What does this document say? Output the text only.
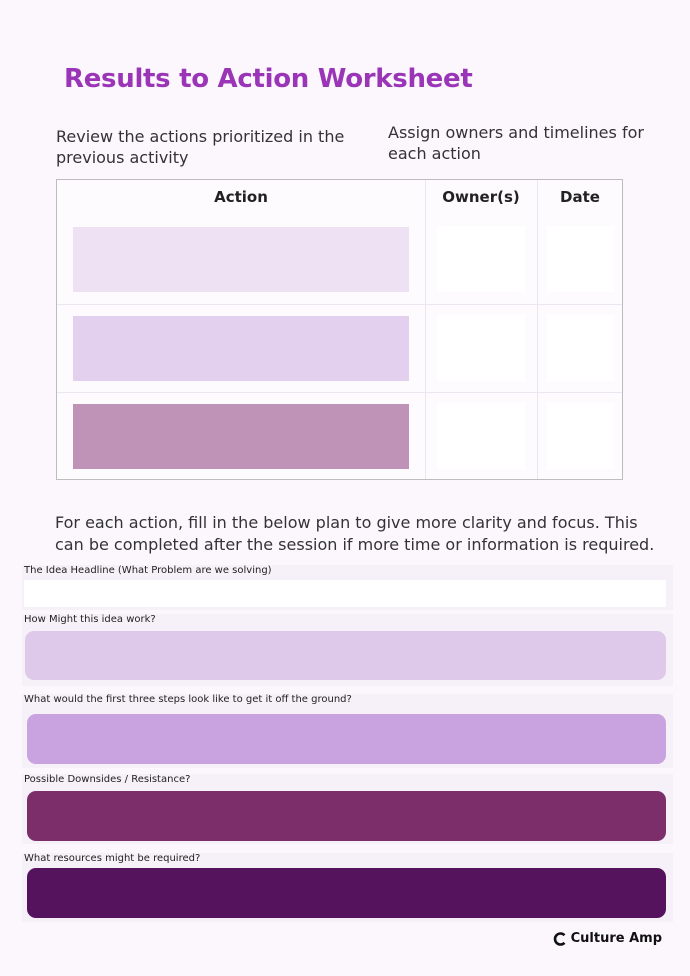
Results to Action Worksheet
Review the actions prioritized in the previous activity
Assign owners and timelines for each action
Action	Owner(s)	Date
For each action, fill in the below plan to give more clarity and focus. This can be completed after the session if more time or information is required.
The Idea Headline (What Problem are we solving)
How Might this idea work?
What would the first three steps look like to get it off the ground?
Possible Downsides / Resistance?
What resources might be required?
Culture Amp
